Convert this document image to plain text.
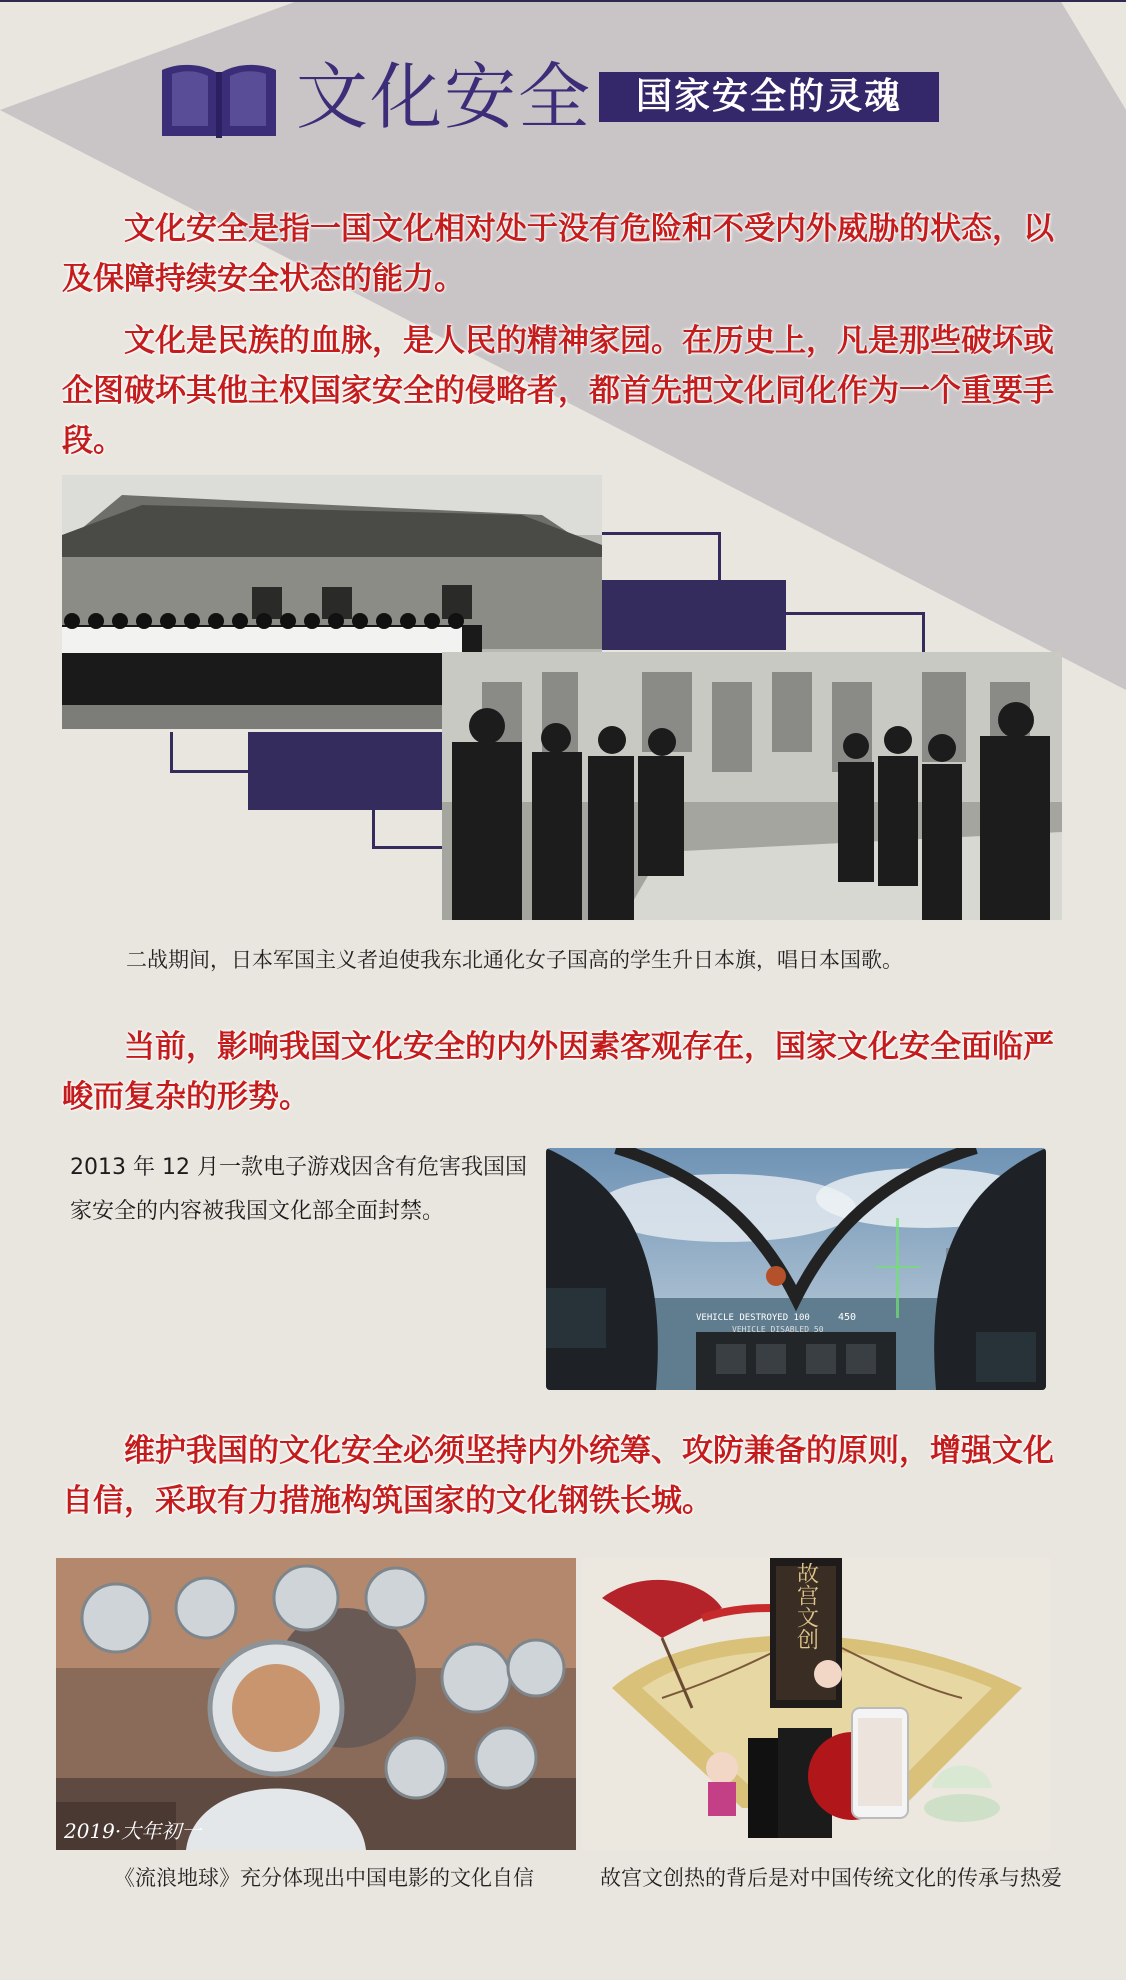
文化安全	国家安全的灵魂

文化安全是指一国文化相对处于没有危险和不受内外威胁的状态，以及保障持续安全状态的能力。

文化是民族的血脉，是人民的精神家园。在历史上，凡是那些破坏或企图破坏其他主权国家安全的侵略者，都首先把文化同化作为一个重要手段。

二战期间，日本军国主义者迫使我东北通化女子国高的学生升日本旗，唱日本国歌。

当前，影响我国文化安全的内外因素客观存在，国家文化安全面临严峻而复杂的形势。

2013 年 12 月一款电子游戏因含有危害我国国家安全的内容被我国文化部全面封禁。
VEHICLE DESTROYED 100	450
VEHICLE DISABLED 50

维护我国的文化安全必须坚持内外统筹、攻防兼备的原则，增强文化自信，采取有力措施构筑国家的文化钢铁长城。

2019·大年初一
故宫文创
《流浪地球》充分体现出中国电影的文化自信	故宫文创热的背后是对中国传统文化的传承与热爱
